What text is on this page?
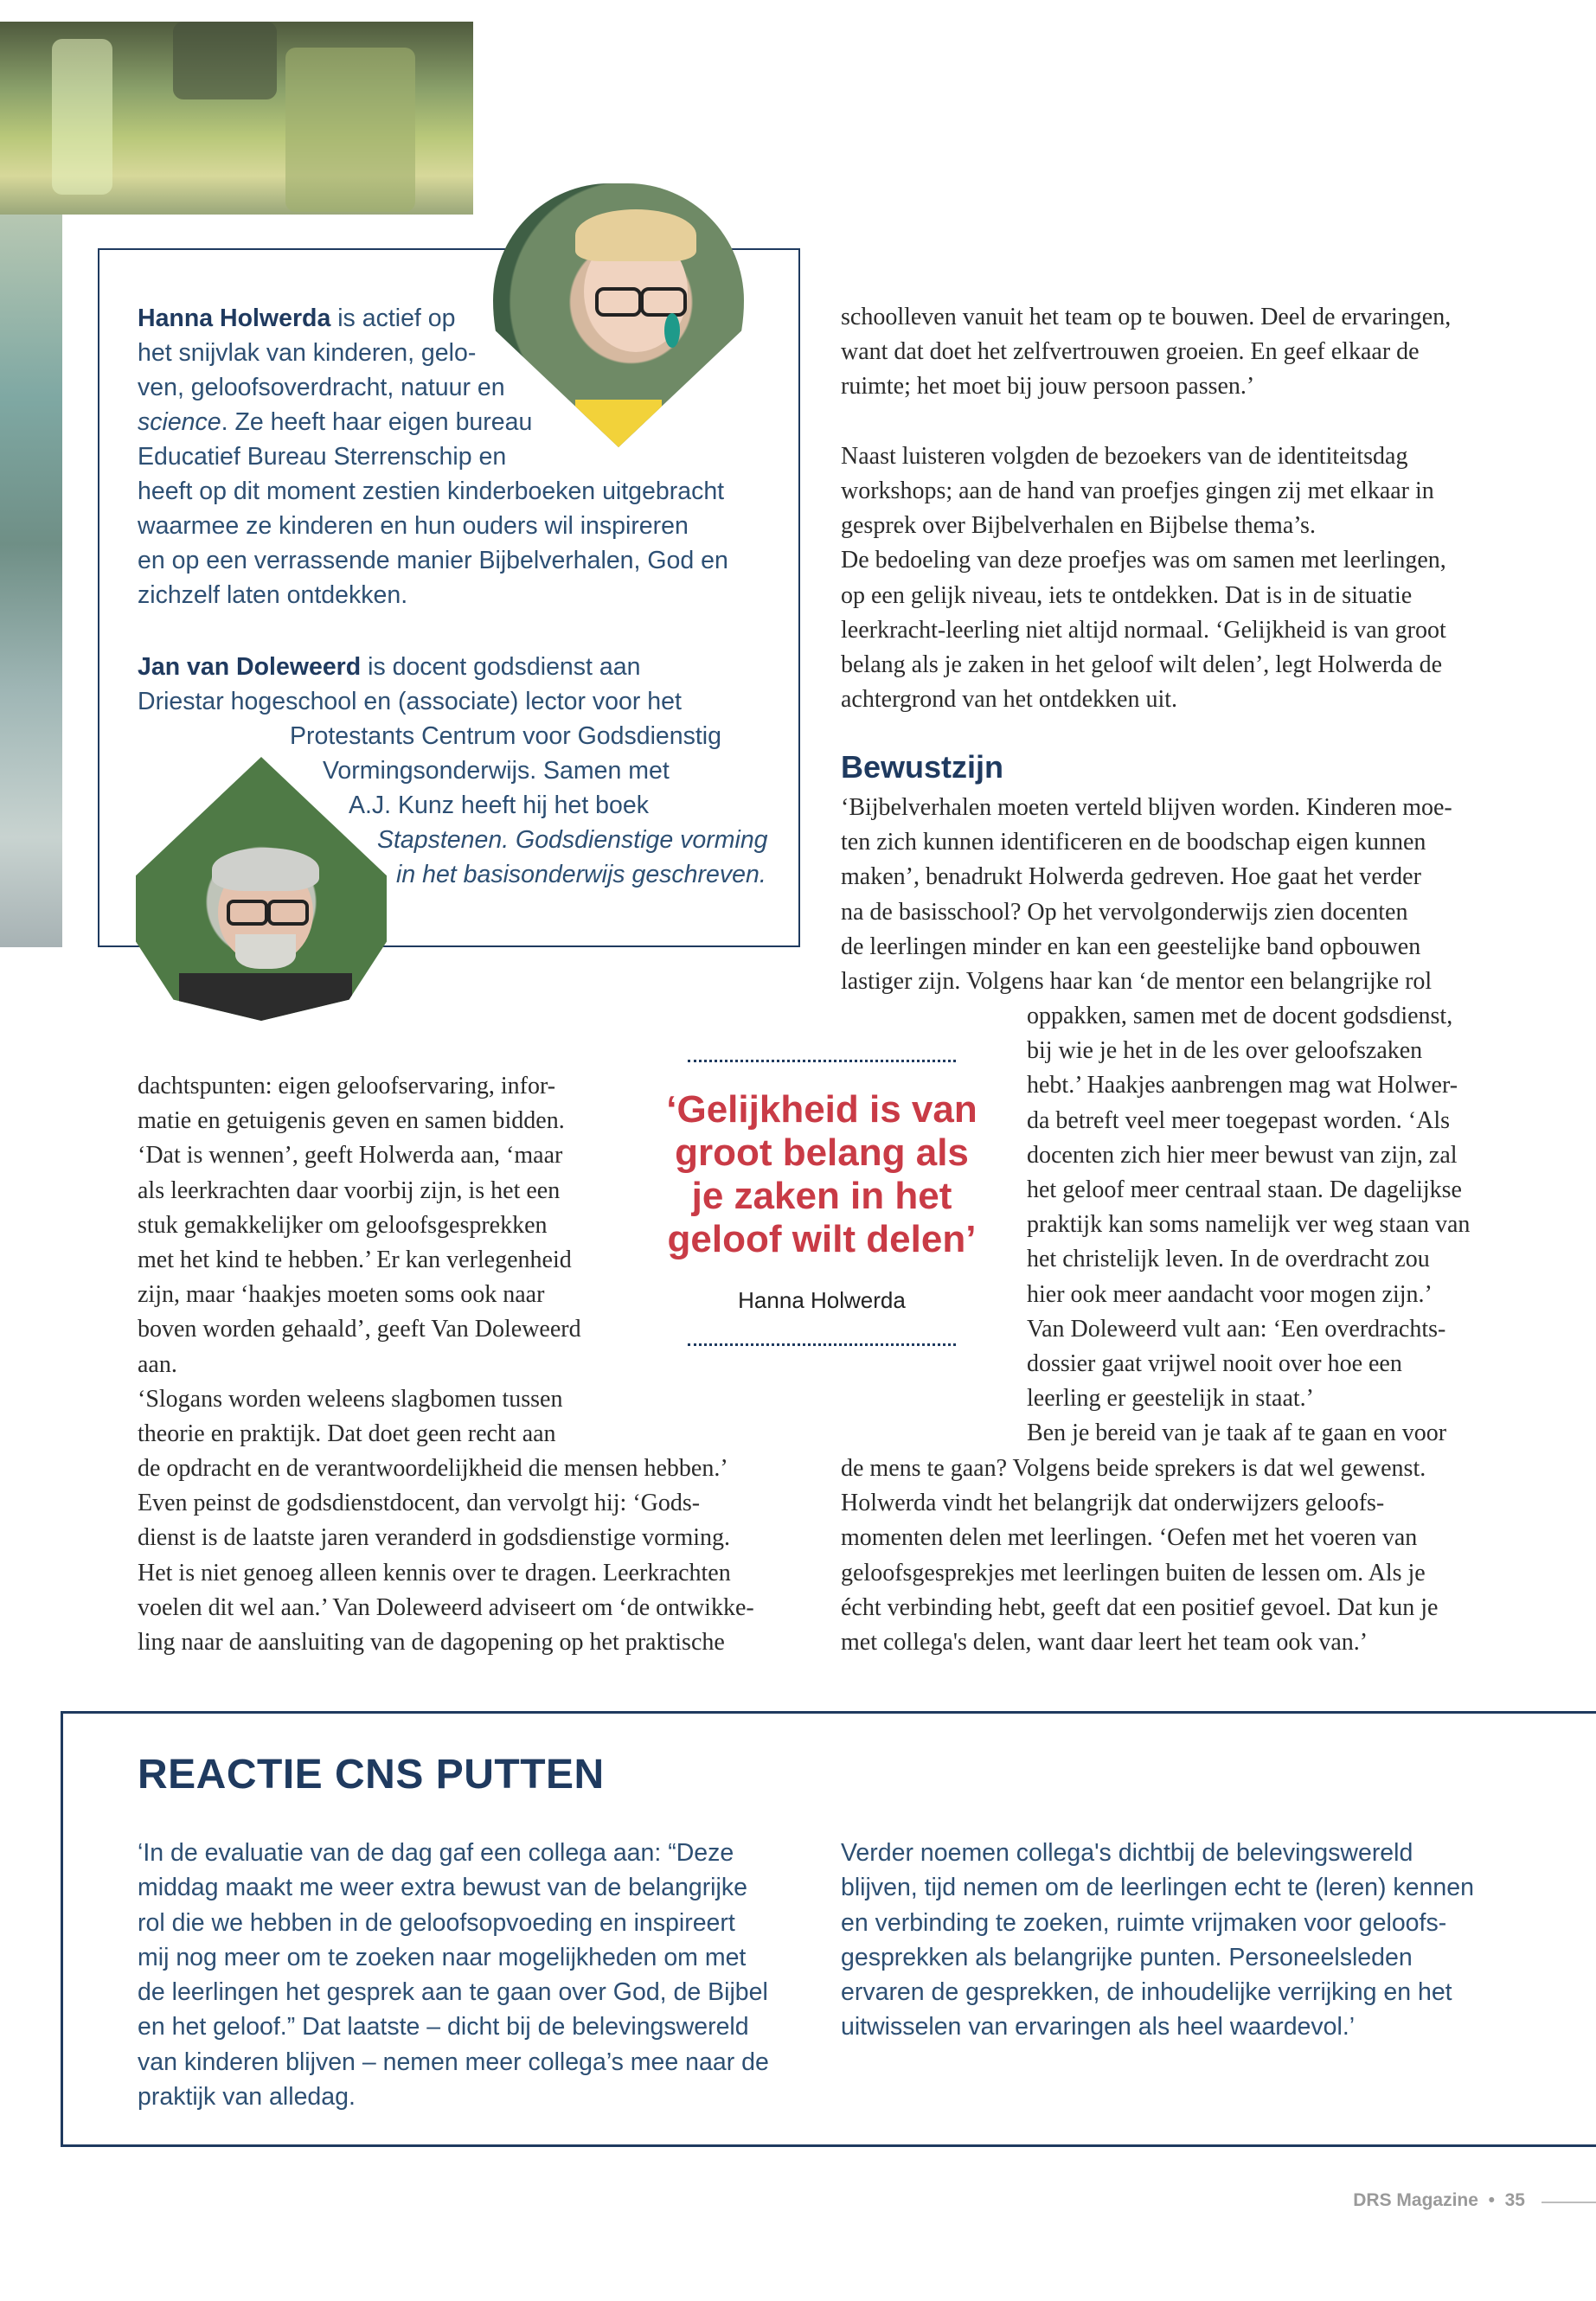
Hanna Holwerda is actief op
het snijvlak van kinderen, gelo-
ven, geloofsoverdracht, natuur en
science. Ze heeft haar eigen bureau
Educatief Bureau Sterrenschip en
heeft op dit moment zestien kinderboeken uitgebracht
waarmee ze kinderen en hun ouders wil inspireren
en op een verrassende manier Bijbelverhalen, God en
zichzelf laten ontdekken.
Jan van Doleweerd is docent godsdienst aan
Driestar hogeschool en (associate) lector voor het
Protestants Centrum voor Godsdienstig
Vormingsonderwijs. Samen met
A.J. Kunz heeft hij het boek
Stapstenen. Godsdienstige vorming
in het basisonderwijs geschreven.
schoolleven vanuit het team op te bouwen. Deel de ervaringen,
want dat doet het zelfvertrouwen groeien. En geef elkaar de
ruimte; het moet bij jouw persoon passen.’
Naast luisteren volgden de bezoekers van de identiteitsdag
workshops; aan de hand van proefjes gingen zij met elkaar in
gesprek over Bijbelverhalen en Bijbelse thema’s.
De bedoeling van deze proefjes was om samen met leerlingen,
op een gelijk niveau, iets te ontdekken. Dat is in de situatie
leerkracht-leerling niet altijd normaal. ‘Gelijkheid is van groot
belang als je zaken in het geloof wilt delen’, legt Holwerda de
achtergrond van het ontdekken uit.
Bewustzijn
‘Bijbelverhalen moeten verteld blijven worden. Kinderen moe-
ten zich kunnen identificeren en de boodschap eigen kunnen
maken’, benadrukt Holwerda gedreven. Hoe gaat het verder
na de basisschool? Op het vervolgonderwijs zien docenten
de leerlingen minder en kan een geestelijke band opbouwen
lastiger zijn. Volgens haar kan ‘de mentor een belangrijke rol
oppakken, samen met de docent godsdienst,
bij wie je het in de les over geloofszaken
hebt.’ Haakjes aanbrengen mag wat Holwer-
da betreft veel meer toegepast worden. ‘Als
docenten zich hier meer bewust van zijn, zal
het geloof meer centraal staan. De dagelijkse
praktijk kan soms namelijk ver weg staan van
het christelijk leven. In de overdracht zou
hier ook meer aandacht voor mogen zijn.’
Van Doleweerd vult aan: ‘Een overdrachts-
dossier gaat vrijwel nooit over hoe een
leerling er geestelijk in staat.’
Ben je bereid van je taak af te gaan en voor
de mens te gaan? Volgens beide sprekers is dat wel gewenst.
Holwerda vindt het belangrijk dat onderwijzers geloofs-
momenten delen met leerlingen. ‘Oefen met het voeren van
geloofsgesprekjes met leerlingen buiten de lessen om. Als je
écht verbinding hebt, geeft dat een positief gevoel. Dat kun je
met collega's delen, want daar leert het team ook van.’
dachtspunten: eigen geloofservaring, infor-
matie en getuigenis geven en samen bidden.
‘Dat is wennen’, geeft Holwerda aan, ‘maar
als leerkrachten daar voorbij zijn, is het een
stuk gemakkelijker om geloofsgesprekken
met het kind te hebben.’ Er kan verlegenheid
zijn, maar ‘haakjes moeten soms ook naar
boven worden gehaald’, geeft Van Doleweerd
aan.
‘Slogans worden weleens slagbomen tussen
theorie en praktijk. Dat doet geen recht aan
de opdracht en de verantwoordelijkheid die mensen hebben.’
Even peinst de godsdienstdocent, dan vervolgt hij: ‘Gods-
dienst is de laatste jaren veranderd in godsdienstige vorming.
Het is niet genoeg alleen kennis over te dragen. Leerkrachten
voelen dit wel aan.’ Van Doleweerd adviseert om ‘de ontwikke-
ling naar de aansluiting van de dagopening op het praktische
‘Gelijkheid is van
groot belang als
je zaken in het
geloof wilt delen’
Hanna Holwerda
REACTIE CNS PUTTEN
‘In de evaluatie van de dag gaf een collega aan: “Deze
middag maakt me weer extra bewust van de belangrijke
rol die we hebben in de geloofsopvoeding en inspireert
mij nog meer om te zoeken naar mogelijkheden om met
de leerlingen het gesprek aan te gaan over God, de Bijbel
en het geloof.” Dat laatste – dicht bij de belevingswereld
van kinderen blijven – nemen meer collega’s mee naar de
praktijk van alledag.
Verder noemen collega's dichtbij de belevingswereld
blijven, tijd nemen om de leerlingen echt te (leren) kennen
en verbinding te zoeken, ruimte vrijmaken voor geloofs-
gesprekken als belangrijke punten. Personeelsleden
ervaren de gesprekken, de inhoudelijke verrijking en het
uitwisselen van ervaringen als heel waardevol.’
DRS Magazine  •  35
